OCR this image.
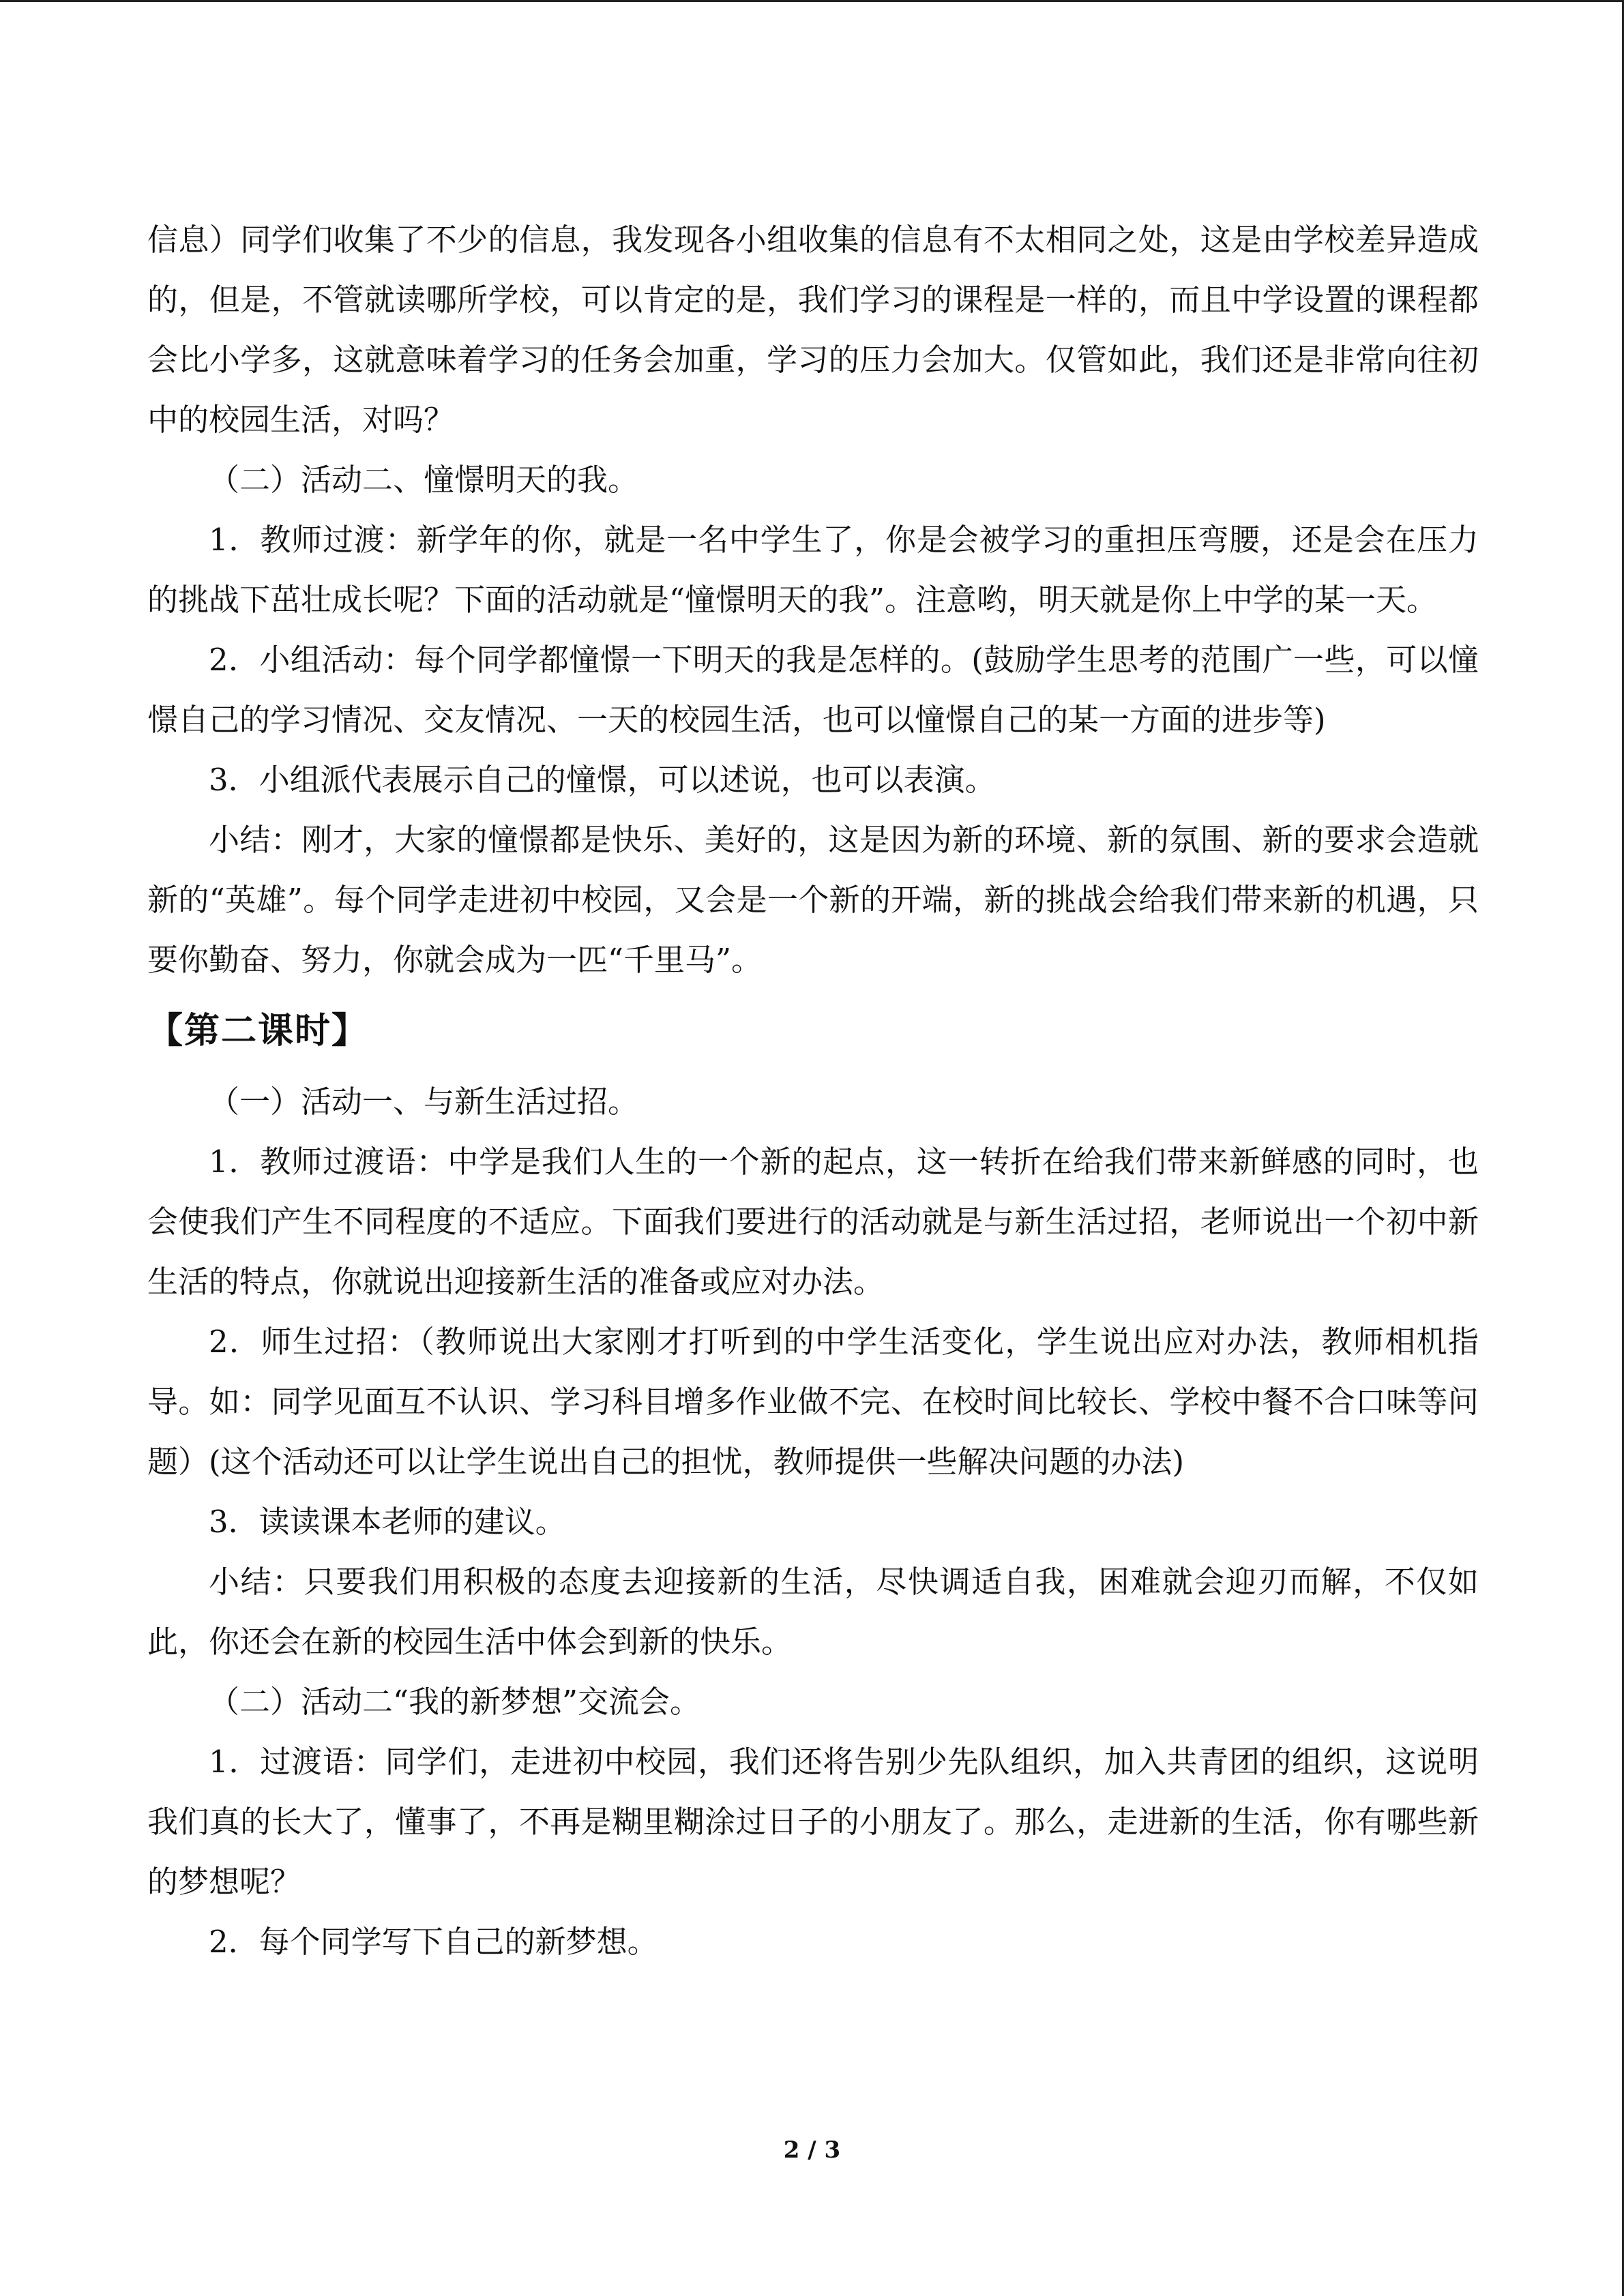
信息）同学们收集了不少的信息，我发现各小组收集的信息有不太相同之处，这是由学校差异造成的，但是，不管就读哪所学校，可以肯定的是，我们学习的课程是一样的，而且中学设置的课程都会比小学多，这就意味着学习的任务会加重，学习的压力会加大。仅管如此，我们还是非常向往初中的校园生活，对吗？

（二）活动二、憧憬明天的我。

1．教师过渡：新学年的你，就是一名中学生了，你是会被学习的重担压弯腰，还是会在压力的挑战下茁壮成长呢？下面的活动就是“憧憬明天的我”。注意哟，明天就是你上中学的某一天。

2．小组活动：每个同学都憧憬一下明天的我是怎样的。(鼓励学生思考的范围广一些，可以憧憬自己的学习情况、交友情况、一天的校园生活，也可以憧憬自己的某一方面的进步等)

3．小组派代表展示自己的憧憬，可以述说，也可以表演。

小结：刚才，大家的憧憬都是快乐、美好的，这是因为新的环境、新的氛围、新的要求会造就新的“英雄”。每个同学走进初中校园，又会是一个新的开端，新的挑战会给我们带来新的机遇，只要你勤奋、努力，你就会成为一匹“千里马”。

【第二课时】

（一）活动一、与新生活过招。

1．教师过渡语：中学是我们人生的一个新的起点，这一转折在给我们带来新鲜感的同时，也会使我们产生不同程度的不适应。下面我们要进行的活动就是与新生活过招，老师说出一个初中新生活的特点，你就说出迎接新生活的准备或应对办法。

2．师生过招：（教师说出大家刚才打听到的中学生活变化，学生说出应对办法，教师相机指导。如：同学见面互不认识、学习科目增多作业做不完、在校时间比较长、学校中餐不合口味等问题）(这个活动还可以让学生说出自己的担忧，教师提供一些解决问题的办法)

3．读读课本老师的建议。

小结：只要我们用积极的态度去迎接新的生活，尽快调适自我，困难就会迎刃而解，不仅如此，你还会在新的校园生活中体会到新的快乐。

（二）活动二“我的新梦想”交流会。

1．过渡语：同学们，走进初中校园，我们还将告别少先队组织，加入共青团的组织，这说明我们真的长大了，懂事了，不再是糊里糊涂过日子的小朋友了。那么，走进新的生活，你有哪些新的梦想呢？

2．每个同学写下自己的新梦想。

2 / 3
